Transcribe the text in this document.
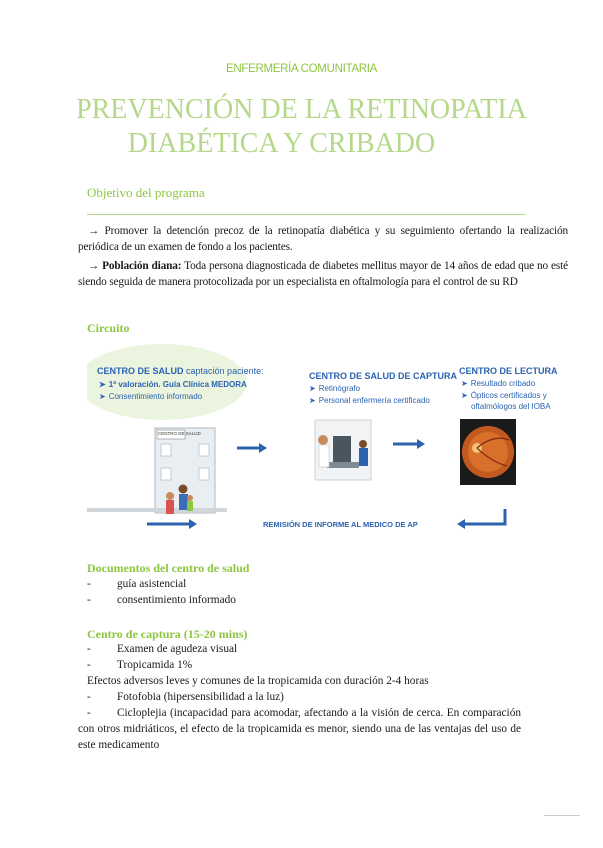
ENFERMERÍA COMUNITARIA
PREVENCIÓN DE LA RETINOPATIA
DIABÉTICA Y CRIBADO
Objetivo del programa
→ Promover la detención precoz de la retinopatía diabética y su seguimiento ofertando la realización periódica de un examen de fondo a los pacientes.
→ Población diana: Toda persona diagnosticada de diabetes mellitus mayor de 14 años de edad que no esté siendo seguida de manera protocolizada por un especialista en oftalmología para el control de su RD
Circuito
CENTRO DE SALUD captación paciente:
➤ 1ª valoración. Guía Clínica MEDORA
➤ Consentimiento informado
CENTRO DE SALUD
CENTRO DE SALUD DE CAPTURA
➤ Retinógrafo
➤ Personal enfermería certificado
CENTRO DE LECTURA
➤ Resultado cribado
➤ Ópticos certificados y
oftalmólogos del IOBA
REMISIÓN DE INFORME AL MEDICO DE AP
Documentos del centro de salud
- guía asistencial
- consentimiento informado
Centro de captura (15-20 mins)
- Examen de agudeza visual
- Tropicamida 1%
Efectos adversos leves y comunes de la tropicamida con duración 2-4 horas
- Fotofobia (hipersensibilidad a la luz)
- Cicloplejia (incapacidad para acomodar, afectando a la visión de cerca. En comparación con otros midriáticos, el efecto de la tropicamida es menor, siendo una de las ventajas del uso de este medicamento
